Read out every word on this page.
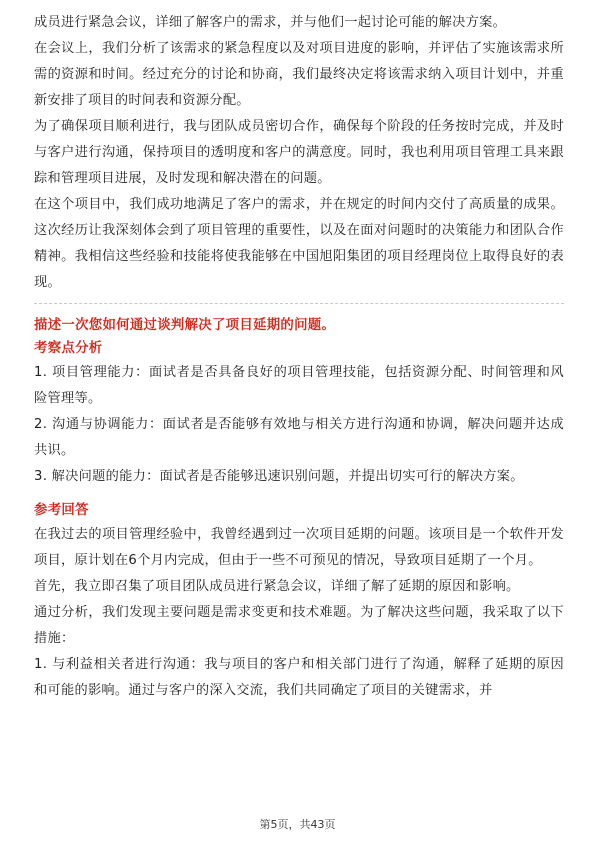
成员进行紧急会议，详细了解客户的需求，并与他们一起讨论可能的解决方案。

在会议上，我们分析了该需求的紧急程度以及对项目进度的影响，并评估了实施该需求所需的资源和时间。经过充分的讨论和协商，我们最终决定将该需求纳入项目计划中，并重新安排了项目的时间表和资源分配。

为了确保项目顺利进行，我与团队成员密切合作，确保每个阶段的任务按时完成，并及时与客户进行沟通，保持项目的透明度和客户的满意度。同时，我也利用项目管理工具来跟踪和管理项目进展，及时发现和解决潜在的问题。

在这个项目中，我们成功地满足了客户的需求，并在规定的时间内交付了高质量的成果。这次经历让我深刻体会到了项目管理的重要性，以及在面对问题时的决策能力和团队合作精神。我相信这些经验和技能将使我能够在中国旭阳集团的项目经理岗位上取得良好的表现。

描述一次您如何通过谈判解决了项目延期的问题。

考察点分析

1. 项目管理能力：面试者是否具备良好的项目管理技能，包括资源分配、时间管理和风险管理等。

2. 沟通与协调能力：面试者是否能够有效地与相关方进行沟通和协调，解决问题并达成共识。

3. 解决问题的能力：面试者是否能够迅速识别问题，并提出切实可行的解决方案。

参考回答

在我过去的项目管理经验中，我曾经遇到过一次项目延期的问题。该项目是一个软件开发项目，原计划在6个月内完成，但由于一些不可预见的情况，导致项目延期了一个月。

首先，我立即召集了项目团队成员进行紧急会议，详细了解了延期的原因和影响。

通过分析，我们发现主要问题是需求变更和技术难题。为了解决这些问题，我采取了以下措施：

1. 与利益相关者进行沟通：我与项目的客户和相关部门进行了沟通，解释了延期的原因和可能的影响。通过与客户的深入交流，我们共同确定了项目的关键需求，并

第5页，共43页
